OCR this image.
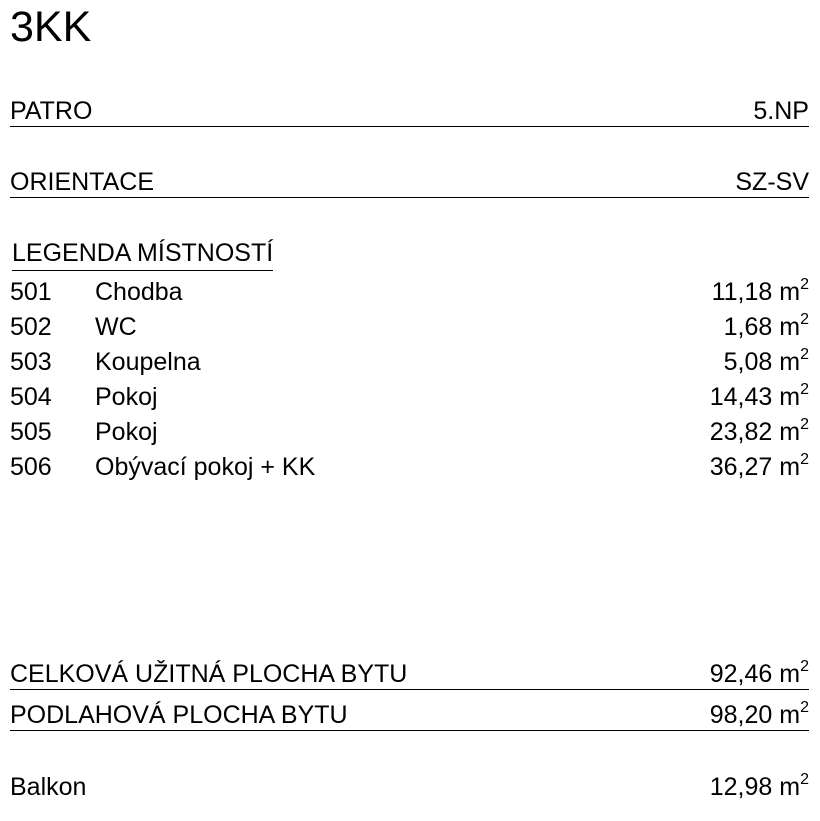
3KK
PATRO	5.NP
ORIENTACE	SZ-SV
LEGENDA MÍSTNOSTÍ
501 Chodba	11,18 $m^2$
502 WC	1,68 $m^2$
503 Koupelna	5,08 $m^2$
504 Pokoj	14,43 $m^2$
505 Pokoj	23,82 $m^2$
506 Obývací pokoj + KK	36,27 $m^2$
CELKOVÁ UŽITNÁ PLOCHA BYTU	92,46 $m^2$
PODLAHOVÁ PLOCHA BYTU	98,20 $m^2$
Balkon	12,98 $m^2$
